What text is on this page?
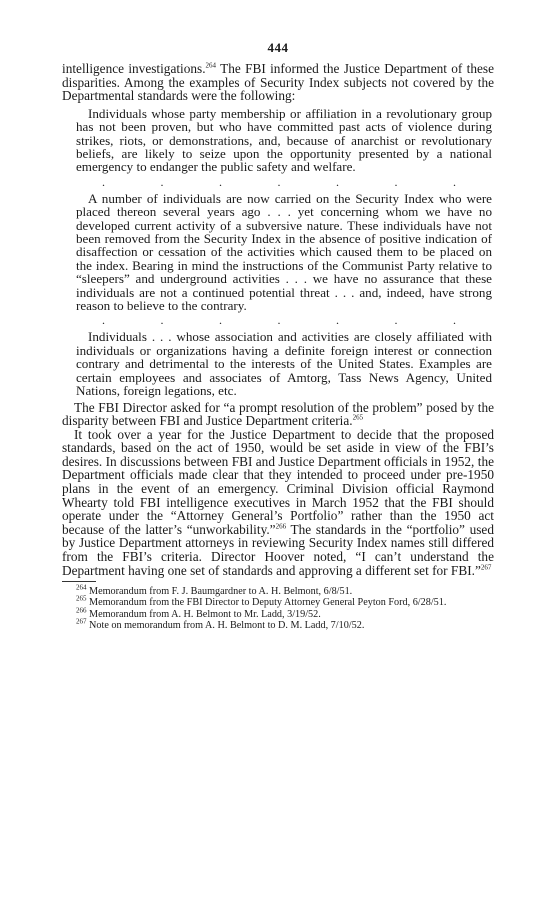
444

intelligence investigations.$^{264}$ The FBI informed the Justice Department of these disparities. Among the examples of Security Index subjects not covered by the Departmental standards were the following:

Individuals whose party membership or affiliation in a revolutionary group has not been proven, but who have committed past acts of violence during strikes, riots, or demonstrations, and, because of anarchist or revolutionary beliefs, are likely to seize upon the opportunity presented by a national emergency to endanger the public safety and welfare.

.	.	.	.	.	.	.

A number of individuals are now carried on the Security Index who were placed thereon several years ago . . . yet concerning whom we have no developed current activity of a subversive nature. These individuals have not been removed from the Security Index in the absence of positive indication of disaffection or cessation of the activities which caused them to be placed on the index. Bearing in mind the instructions of the Communist Party relative to “sleepers” and underground activities . . . we have no assurance that these individuals are not a continued potential threat . . . and, indeed, have strong reason to believe to the contrary.

.	.	.	.	.	.	.

Individuals . . . whose association and activities are closely affiliated with individuals or organizations having a definite foreign interest or connection contrary and detrimental to the interests of the United States. Examples are certain employees and associates of Amtorg, Tass News Agency, United Nations, foreign legations, etc.

The FBI Director asked for “a prompt resolution of the problem” posed by the disparity between FBI and Justice Department criteria.$^{265}$

It took over a year for the Justice Department to decide that the proposed standards, based on the act of 1950, would be set aside in view of the FBI’s desires. In discussions between FBI and Justice Department officials in 1952, the Department officials made clear that they intended to proceed under pre-1950 plans in the event of an emergency. Criminal Division official Raymond Whearty told FBI intelligence executives in March 1952 that the FBI should operate under the “Attorney General’s Portfolio” rather than the 1950 act because of the latter’s “unworkability.”$^{266}$ The standards in the “portfolio” used by Justice Department attorneys in reviewing Security Index names still differed from the FBI’s criteria. Director Hoover noted, “I can’t understand the Department having one set of standards and approving a different set for FBI.”$^{267}$

$^{264}$ Memorandum from F. J. Baumgardner to A. H. Belmont, 6/8/51.

$^{265}$ Memorandum from the FBI Director to Deputy Attorney General Peyton Ford, 6/28/51.

$^{266}$ Memorandum from A. H. Belmont to Mr. Ladd, 3/19/52.

$^{267}$ Note on memorandum from A. H. Belmont to D. M. Ladd, 7/10/52.
